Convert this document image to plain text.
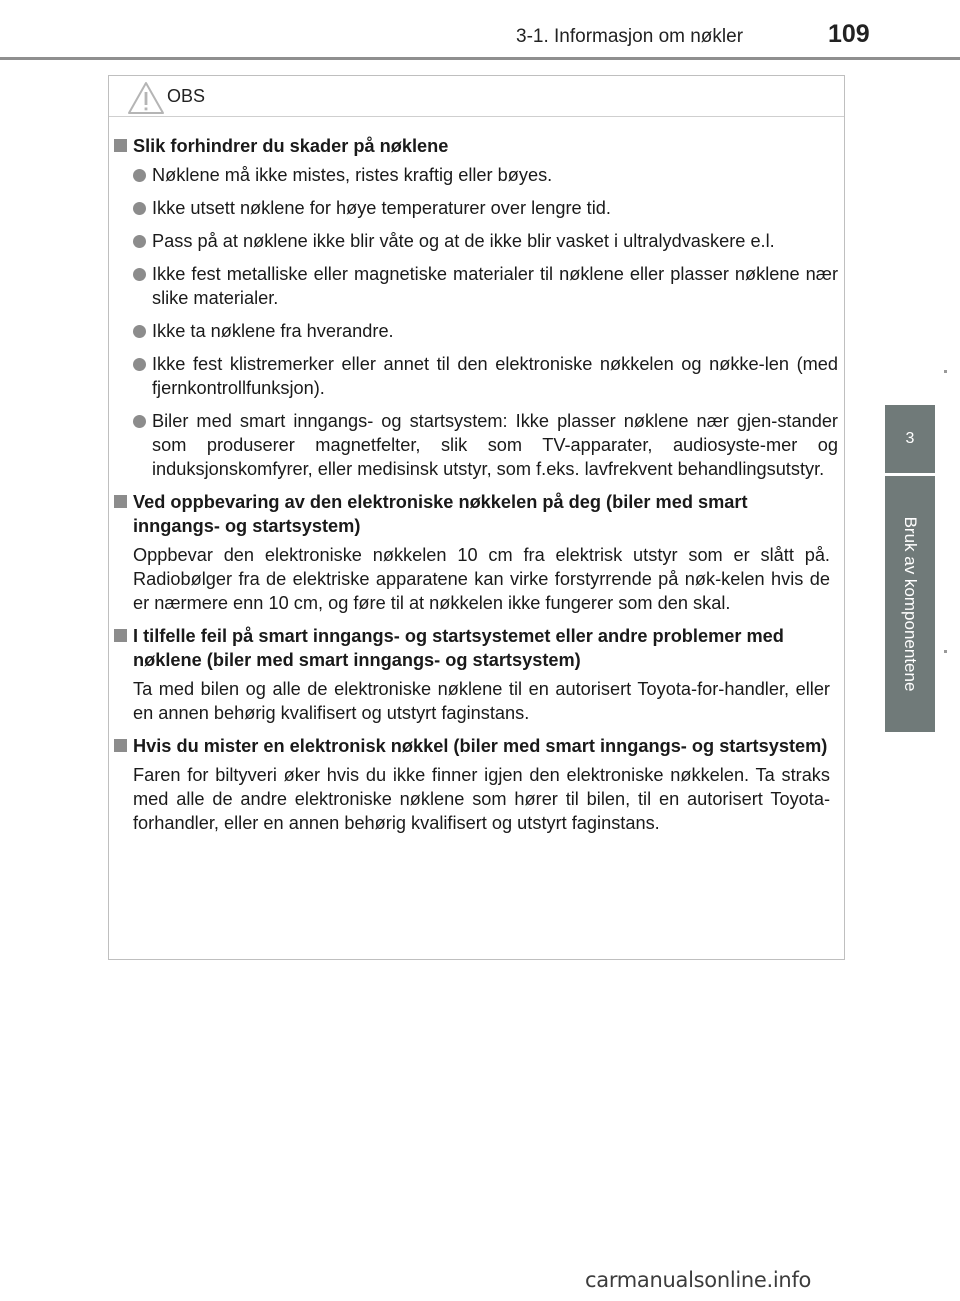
3-1. Informasjon om nøkler	109
3
Bruk av komponentene
OBS
Slik forhindrer du skader på nøklene
Nøklene må ikke mistes, ristes kraftig eller bøyes.
Ikke utsett nøklene for høye temperaturer over lengre tid.
Pass på at nøklene ikke blir våte og at de ikke blir vasket i ultralydvaskere e.l.
Ikke fest metalliske eller magnetiske materialer til nøklene eller plasser nøklene nær slike materialer.
Ikke ta nøklene fra hverandre.
Ikke fest klistremerker eller annet til den elektroniske nøkkelen og nøkke-len (med fjernkontrollfunksjon).
Biler med smart inngangs- og startsystem: Ikke plasser nøklene nær gjen-stander som produserer magnetfelter, slik som TV-apparater, audiosyste-mer og induksjonskomfyrer, eller medisinsk utstyr, som f.eks. lavfrekvent behandlingsutstyr.
Ved oppbevaring av den elektroniske nøkkelen på deg (biler med smart inngangs- og startsystem)
Oppbevar den elektroniske nøkkelen 10 cm fra elektrisk utstyr som er slått på. Radiobølger fra de elektriske apparatene kan virke forstyrrende på nøk-kelen hvis de er nærmere enn 10 cm, og føre til at nøkkelen ikke fungerer som den skal.
I tilfelle feil på smart inngangs- og startsystemet eller andre problemer med nøklene (biler med smart inngangs- og startsystem)
Ta med bilen og alle de elektroniske nøklene til en autorisert Toyota-for-handler, eller en annen behørig kvalifisert og utstyrt faginstans.
Hvis du mister en elektronisk nøkkel (biler med smart inngangs- og startsystem)
Faren for biltyveri øker hvis du ikke finner igjen den elektroniske nøkkelen. Ta straks med alle de andre elektroniske nøklene som hører til bilen, til en autorisert Toyota-forhandler, eller en annen behørig kvalifisert og utstyrt faginstans.
carmanualsonline.info
